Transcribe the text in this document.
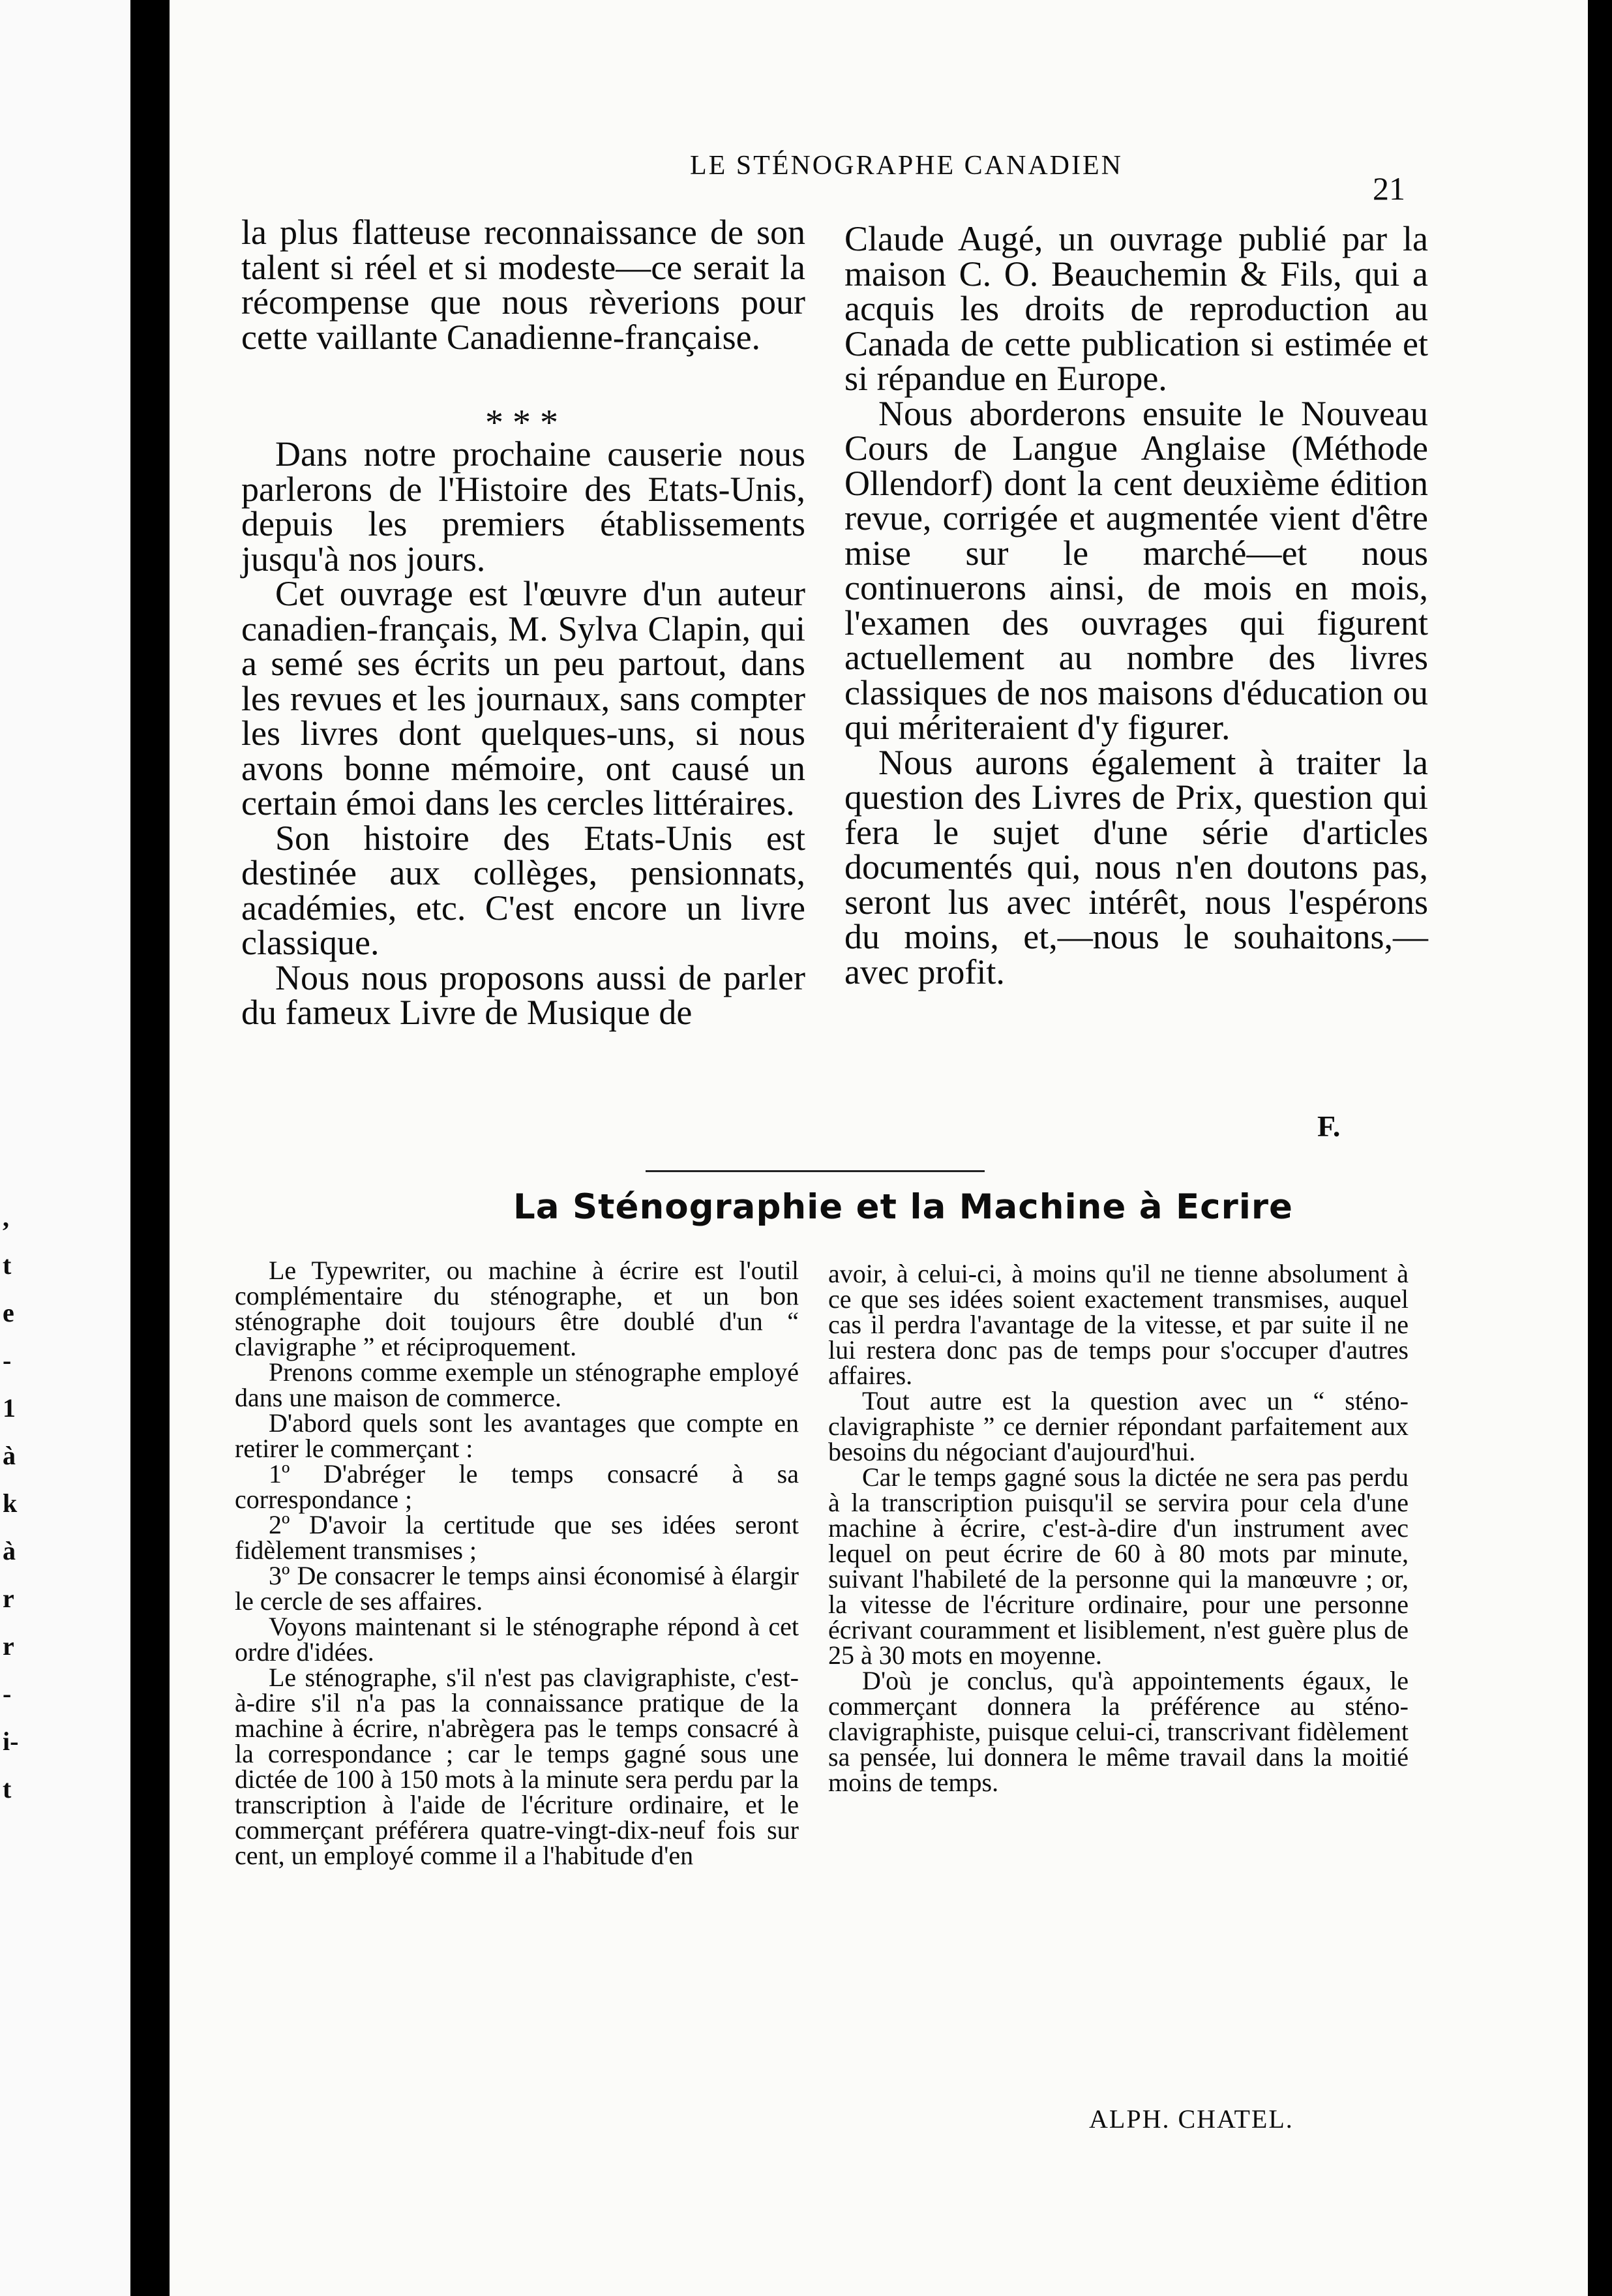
,
t
e
-
1
à
k
à
r
r
-
i-
t
LE STÉNOGRAPHE CANADIEN
21

la plus flatteuse reconnaissance de son talent si réel et si modeste—ce serait la récompense que nous rèverions pour cette vaillante Canadienne-française.

Dans notre prochaine causerie nous parlerons de l'Histoire des Etats-Unis, depuis les premiers établissements jusqu'à nos jours.

Cet ouvrage est l'œuvre d'un auteur canadien-français, M. Sylva Clapin, qui a semé ses écrits un peu partout, dans les revues et les journaux, sans compter les livres dont quelques-uns, si nous avons bonne mémoire, ont causé un certain émoi dans les cercles littéraires.

Son histoire des Etats-Unis est destinée aux collèges, pensionnats, académies, etc. C'est encore un livre classique.

Nous nous proposons aussi de parler du fameux Livre de Musique de

* * *

Claude Augé, un ouvrage publié par la maison C. O. Beauchemin & Fils, qui a acquis les droits de reproduction au Canada de cette publication si estimée et si répandue en Europe.

Nous aborderons ensuite le Nouveau Cours de Langue Anglaise (Méthode Ollendorf) dont la cent deuxième édition revue, corrigée et augmentée vient d'être mise sur le marché—et nous continuerons ainsi, de mois en mois, l'examen des ouvrages qui figurent actuellement au nombre des livres classiques de nos maisons d'éducation ou qui mériteraient d'y figurer.

Nous aurons également à traiter la question des Livres de Prix, question qui fera le sujet d'une série d'articles documentés qui, nous n'en doutons pas, seront lus avec intérêt, nous l'espérons du moins, et,—nous le souhaitons,—avec profit.

F.
La Sténographie et la Machine à Ecrire

Le Typewriter, ou machine à écrire est l'outil complémentaire du sténographe, et un bon sténographe doit toujours être doublé d'un “ clavigraphe ” et réciproquement.

Prenons comme exemple un sténographe employé dans une maison de commerce.

D'abord quels sont les avantages que compte en retirer le commerçant :

1º D'abréger le temps consacré à sa correspondance ;

2º D'avoir la certitude que ses idées seront fidèlement transmises ;

3º De consacrer le temps ainsi économisé à élargir le cercle de ses affaires.

Voyons maintenant si le sténographe répond à cet ordre d'idées.

Le sténographe, s'il n'est pas clavigraphiste, c'est-à-dire s'il n'a pas la connaissance pratique de la machine à écrire, n'abrègera pas le temps consacré à la correspondance ; car le temps gagné sous une dictée de 100 à 150 mots à la minute sera perdu par la transcription à l'aide de l'écriture ordinaire, et le commerçant préférera quatre-vingt-dix-neuf fois sur cent, un employé comme il a l'habitude d'en

avoir, à celui-ci, à moins qu'il ne tienne absolument à ce que ses idées soient exactement transmises, auquel cas il perdra l'avantage de la vitesse, et par suite il ne lui restera donc pas de temps pour s'occuper d'autres affaires.

Tout autre est la question avec un “ sténo-clavigraphiste ” ce dernier répondant parfaitement aux besoins du négociant d'aujourd'hui.

Car le temps gagné sous la dictée ne sera pas perdu à la transcription puisqu'il se servira pour cela d'une machine à écrire, c'est-à-dire d'un instrument avec lequel on peut écrire de 60 à 80 mots par minute, suivant l'habileté de la personne qui la manœuvre ; or, la vitesse de l'écriture ordinaire, pour une personne écrivant couramment et lisiblement, n'est guère plus de 25 à 30 mots en moyenne.

D'où je conclus, qu'à appointements égaux, le commerçant donnera la préférence au sténo-clavigraphiste, puisque celui-ci, transcrivant fidèlement sa pensée, lui donnera le même travail dans la moitié moins de temps.

ALPH. CHATEL.
